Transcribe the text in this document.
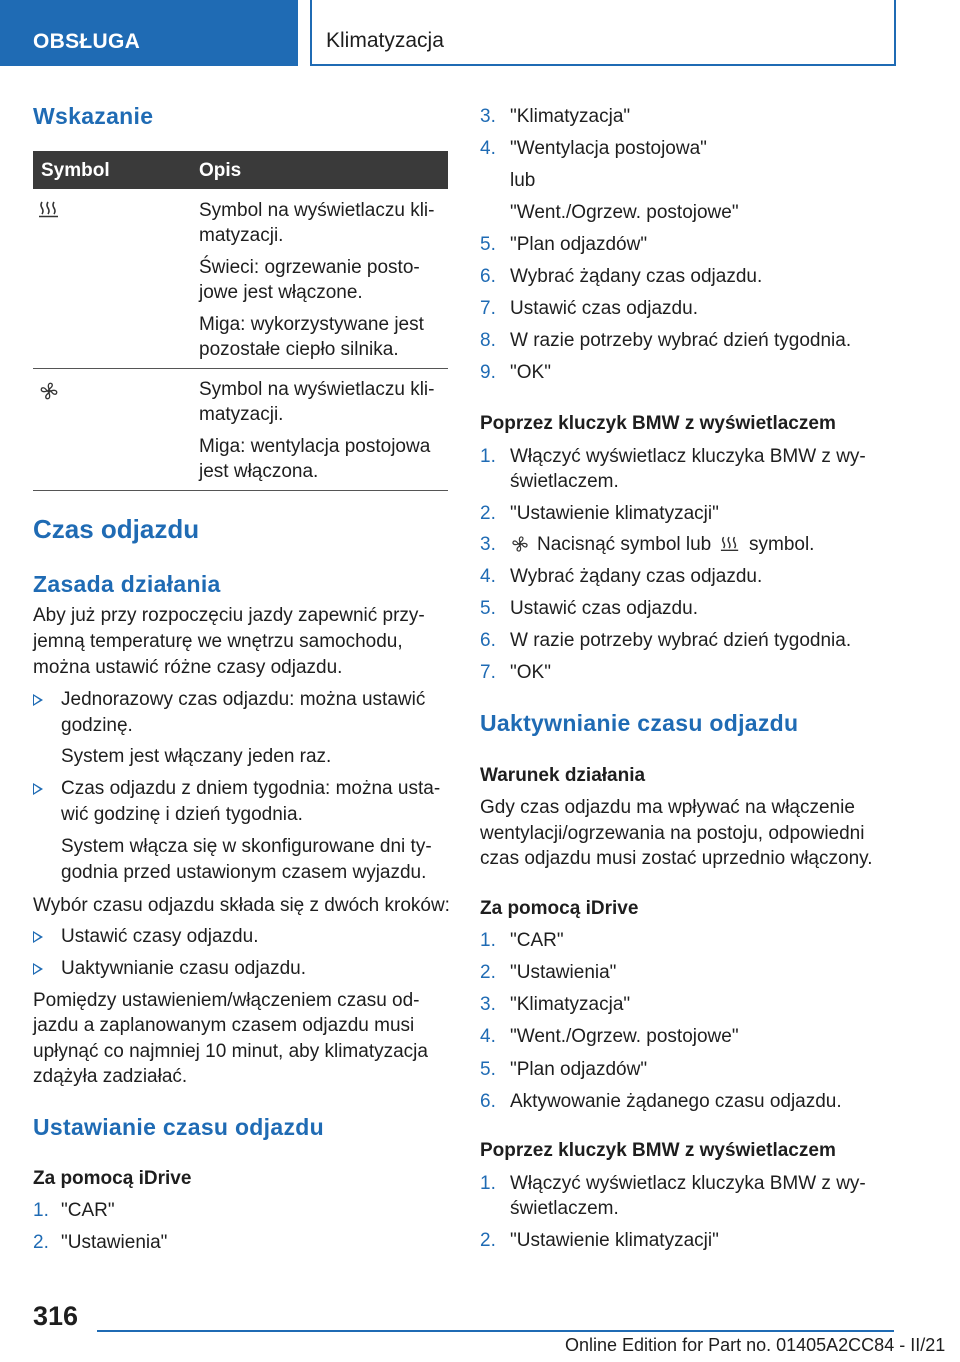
OBSŁUGA	Klimatyzacja
Wskazanie
Symbol	Opis
Symbol na wyświetlaczu kli-
matyzacji.
Świeci: ogrzewanie posto-
jowe jest włączone.
Miga: wykorzystywane jest
pozostałe ciepło silnika.
Symbol na wyświetlaczu kli-
matyzacji.
Miga: wentylacja postojowa
jest włączona.
Czas odjazdu
Zasada działania
Aby już przy rozpoczęciu jazdy zapewnić przy-
jemną temperaturę we wnętrzu samochodu,
można ustawić różne czasy odjazdu.
Jednorazowy czas odjazdu: można ustawić
godzinę.
System jest włączany jeden raz.
Czas odjazdu z dniem tygodnia: można usta-
wić godzinę i dzień tygodnia.
System włącza się w skonfigurowane dni ty-
godnia przed ustawionym czasem wyjazdu.
Wybór czasu odjazdu składa się z dwóch kroków:
Ustawić czasy odjazdu.
Uaktywnianie czasu odjazdu.
Pomiędzy ustawieniem/włączeniem czasu od-
jazdu a zaplanowanym czasem odjazdu musi
upłynąć co najmniej 10 minut, aby klimatyzacja
zdążyła zadziałać.
Ustawianie czasu odjazdu
Za pomocą iDrive
1. "CAR"
2. "Ustawienia"
3. "Klimatyzacja"
4. "Wentylacja postojowa"
lub
"Went./Ogrzew. postojowe"
5. "Plan odjazdów"
6. Wybrać żądany czas odjazdu.
7. Ustawić czas odjazdu.
8. W razie potrzeby wybrać dzień tygodnia.
9. "OK"
Poprzez kluczyk BMW z wyświetlaczem
1. Włączyć wyświetlacz kluczyka BMW z wy-
świetlaczem.
2. "Ustawienie klimatyzacji"
3. Nacisnąć symbol lub symbol.
4. Wybrać żądany czas odjazdu.
5. Ustawić czas odjazdu.
6. W razie potrzeby wybrać dzień tygodnia.
7. "OK"
Uaktywnianie czasu odjazdu
Warunek działania
Gdy czas odjazdu ma wpływać na włączenie
wentylacji/ogrzewania na postoju, odpowiedni
czas odjazdu musi zostać uprzednio włączony.
Za pomocą iDrive
1. "CAR"
2. "Ustawienia"
3. "Klimatyzacja"
4. "Went./Ogrzew. postojowe"
5. "Plan odjazdów"
6. Aktywowanie żądanego czasu odjazdu.
Poprzez kluczyk BMW z wyświetlaczem
1. Włączyć wyświetlacz kluczyka BMW z wy-
świetlaczem.
2. "Ustawienie klimatyzacji"
316
Online Edition for Part no. 01405A2CC84 - II/21
